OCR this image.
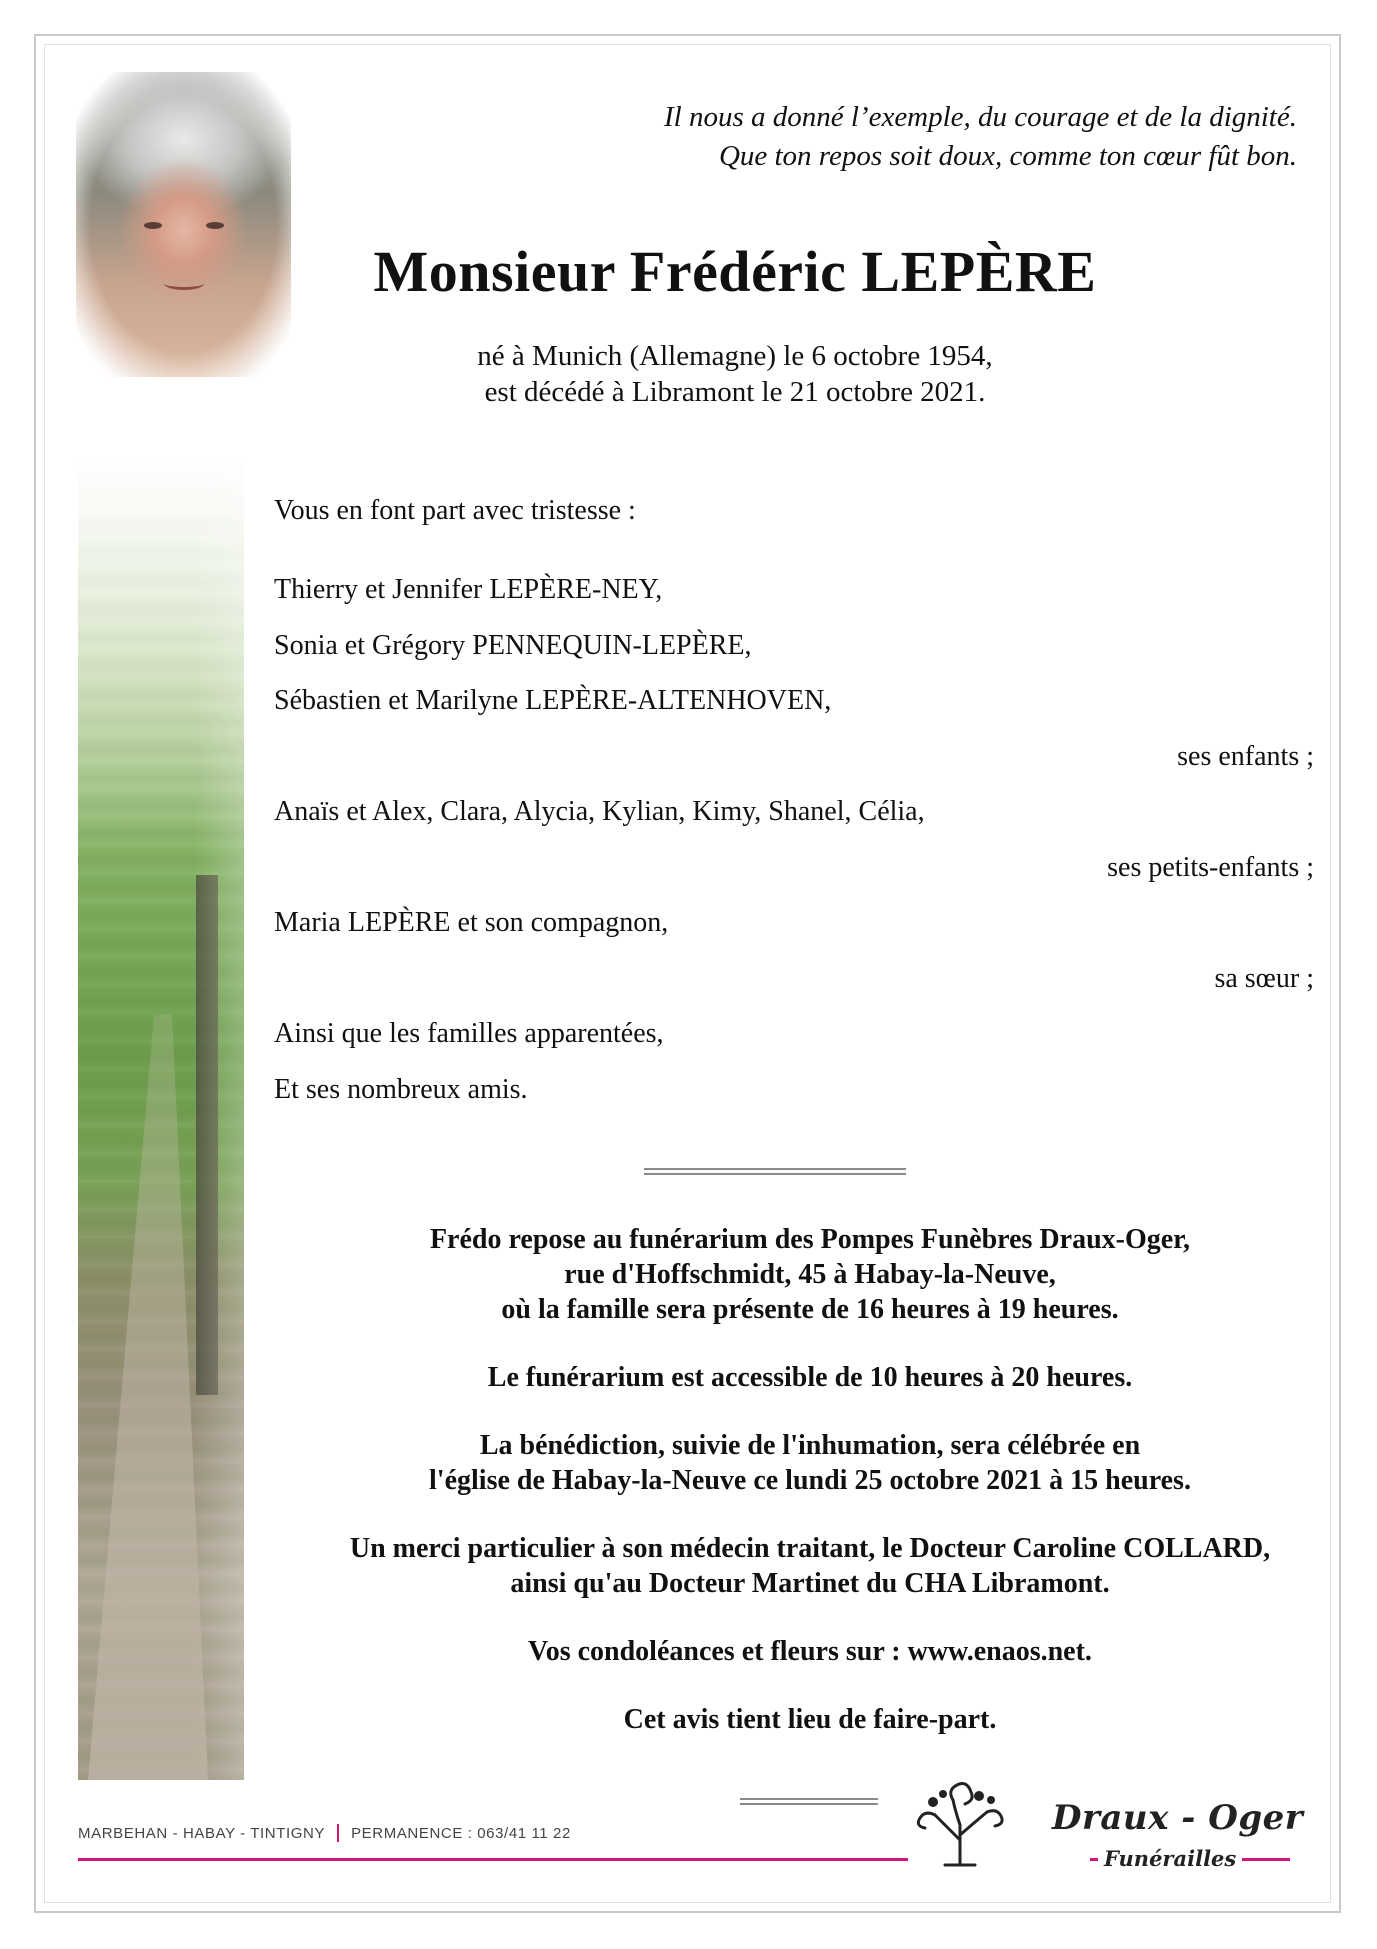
Il nous a donné l’exemple, du courage et de la dignité.

Que ton repos soit doux, comme ton cœur fût bon.

Monsieur Frédéric LEPÈRE

né à Munich (Allemagne) le 6 octobre 1954,

est décédé à Libramont le 21 octobre 2021.

Vous en font part avec tristesse :
Thierry et Jennifer LEPÈRE-NEY,
Sonia et Grégory PENNEQUIN-LEPÈRE,
Sébastien et Marilyne LEPÈRE-ALTENHOVEN,
ses enfants ;
Anaïs et Alex, Clara, Alycia, Kylian, Kimy, Shanel, Célia,
ses petits-enfants ;
Maria LEPÈRE et son compagnon,
sa sœur ;
Ainsi que les familles apparentées,
Et ses nombreux amis.

Frédo repose au funérarium des Pompes Funèbres Draux-Oger,
rue d'Hoffschmidt, 45 à Habay-la-Neuve,
où la famille sera présente de 16 heures à 19 heures.

Le funérarium est accessible de 10 heures à 20 heures.

La bénédiction, suivie de l'inhumation, sera célébrée en
l'église de Habay-la-Neuve ce lundi 25 octobre 2021 à 15 heures.

Un merci particulier à son médecin traitant, le Docteur Caroline COLLARD,
ainsi qu'au Docteur Martinet du CHA Libramont.

Vos condoléances et fleurs sur : www.enaos.net.

Cet avis tient lieu de faire-part.

MARBEHAN - HABAY - TINTIGNY PERMANENCE : 063/41 11 22	Draux - Oger
Funérailles
